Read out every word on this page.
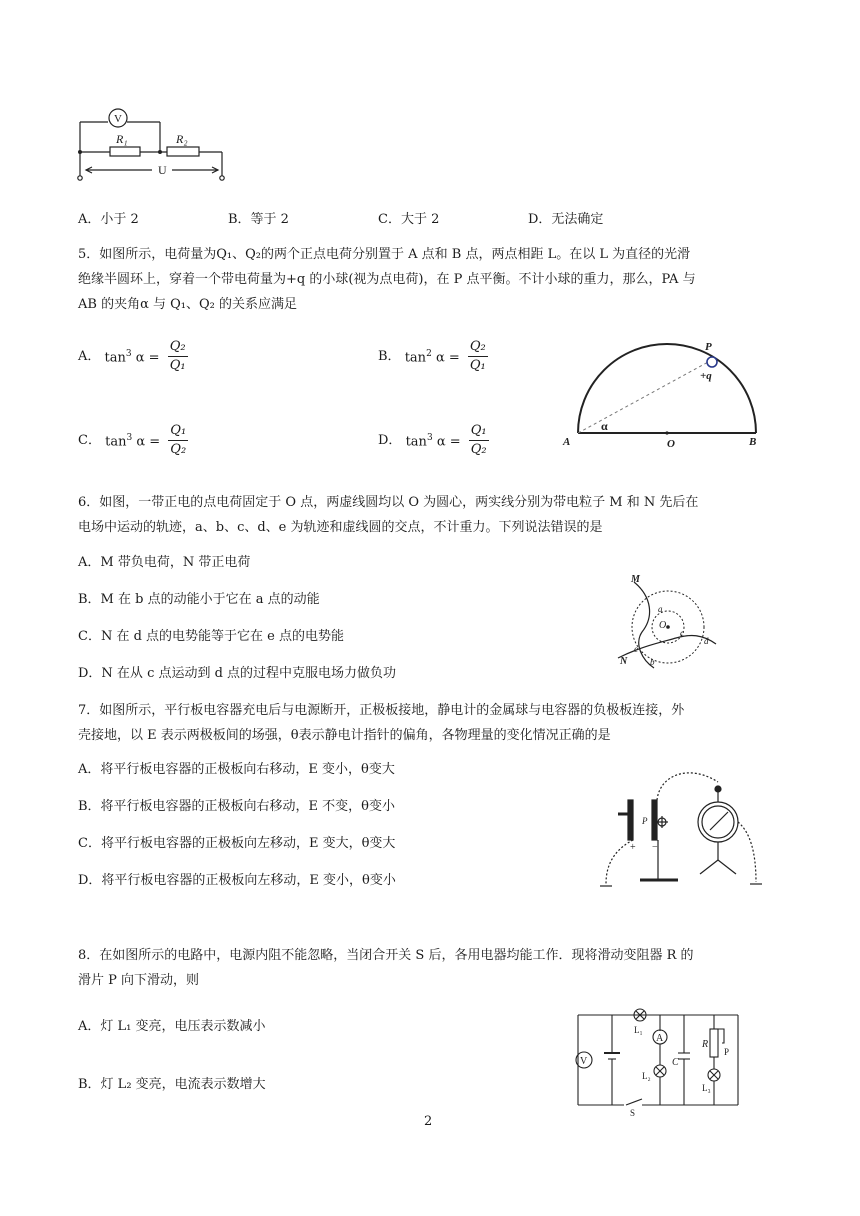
V
R₁	R₂
U
A．小于 2	B．等于 2	C．大于 2	D．无法确定
5．如图所示，电荷量为Q₁、Q₂的两个正点电荷分别置于 A 点和 B 点，两点相距 L。在以 L 为直径的光滑
绝缘半圆环上，穿着一个带电荷量为+q 的小球(视为点电荷)，在 P 点平衡。不计小球的重力，那么，PA 与
AB 的夹角α 与 Q₁、Q₂ 的关系应满足
A． $\tan^3 \alpha = \frac{\text{Q₂}}{\text{Q₁}}$	B． $\tan^2 \alpha = \frac{\text{Q₂}}{\text{Q₁}}$
C． $\tan^3 \alpha = \frac{\text{Q₁}}{\text{Q₂}}$	D． $\tan^3 \alpha = \frac{\text{Q₁}}{\text{Q₂}}$
P
+q
A	O	B
α
6．如图，一带正电的点电荷固定于 O 点，两虚线圆均以 O 为圆心，两实线分别为带电粒子 M 和 N 先后在
电场中运动的轨迹，a、b、c、d、e 为轨迹和虚线圆的交点，不计重力。下列说法错误的是
A．M 带负电荷，N 带正电荷
B．M 在 b 点的动能小于它在 a 点的动能
C．N 在 d 点的电势能等于它在 e 点的电势能
D．N 在从 c 点运动到 d 点的过程中克服电场力做负功
M
N
O
a
b
c
d
e
7．如图所示，平行板电容器充电后与电源断开，正极板接地，静电计的金属球与电容器的负极板连接，外
壳接地，以 E 表示两极板间的场强，θ表示静电计指针的偏角，各物理量的变化情况正确的是
A．将平行板电容器的正极板向右移动，E 变小，θ变大
B．将平行板电容器的正极板向右移动，E 不变，θ变小
C．将平行板电容器的正极板向左移动，E 变大，θ变大
D．将平行板电容器的正极板向左移动，E 变小，θ变小
P
+ −
8．在如图所示的电路中，电源内阻不能忽略，当闭合开关 S 后，各用电器均能工作．现将滑动变阻器 R 的
滑片 P 向下滑动，则
A．灯 L₁ 变亮，电压表示数减小
B．灯 L₂ 变亮，电流表示数增大
V
A
L₁
L₂
L₃
C
R
P
S
2
